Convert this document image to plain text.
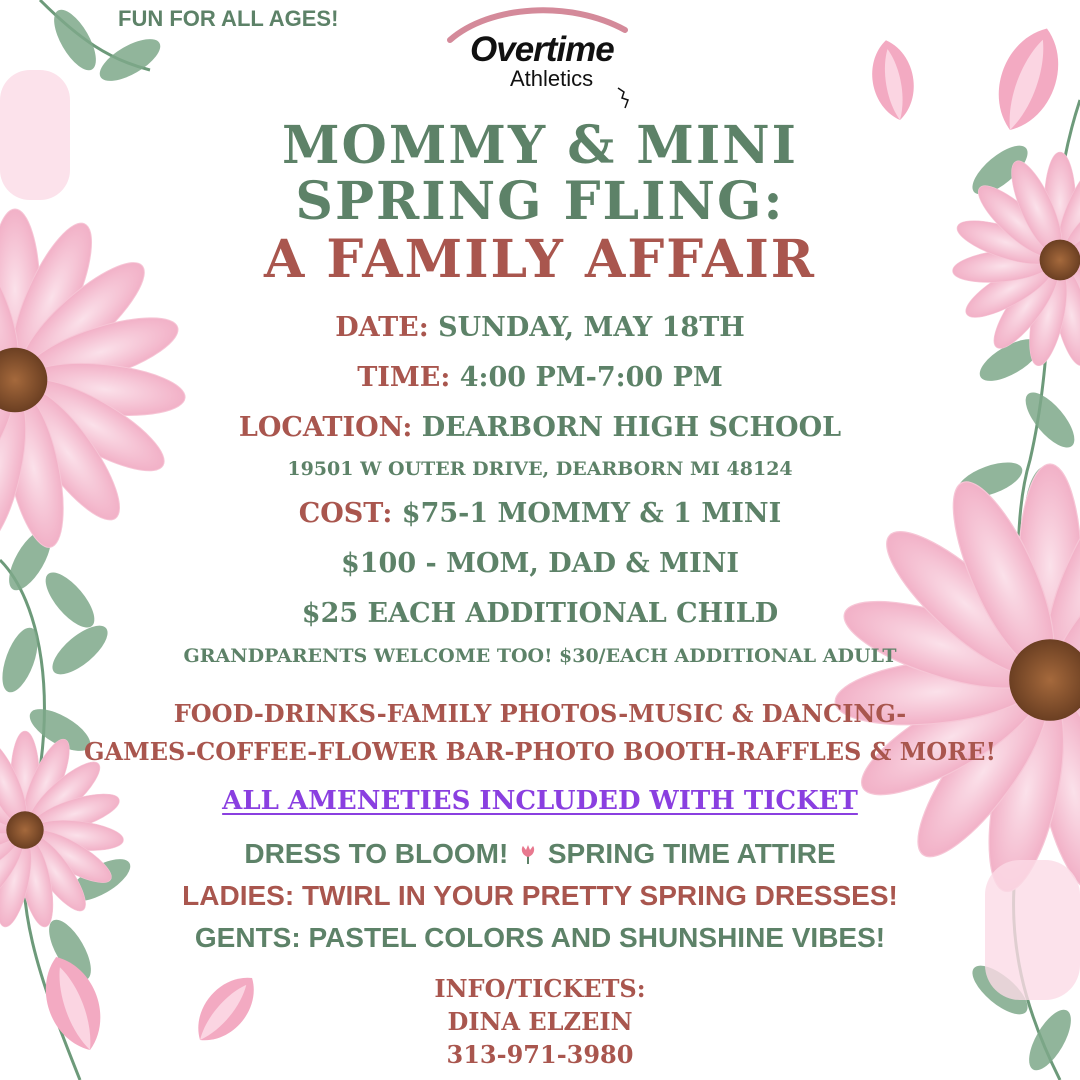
FUN FOR ALL AGES!
Overtime
Athletics
MOMMY & MINI
SPRING FLING:
A FAMILY AFFAIR
DATE: SUNDAY, MAY 18TH
TIME: 4:00 PM-7:00 PM
LOCATION: DEARBORN HIGH SCHOOL
19501 W OUTER DRIVE, DEARBORN MI 48124
COST: $75-1 MOMMY & 1 MINI
$100 - MOM, DAD & MINI
$25 EACH ADDITIONAL CHILD
GRANDPARENTS WELCOME TOO! $30/EACH ADDITIONAL ADULT
FOOD-DRINKS-FAMILY PHOTOS-MUSIC & DANCING-
GAMES-COFFEE-FLOWER BAR-PHOTO BOOTH-RAFFLES & MORE!
ALL AMENETIES INCLUDED WITH TICKET
DRESS TO BLOOM! SPRING TIME ATTIRE
LADIES: TWIRL IN YOUR PRETTY SPRING DRESSES!
GENTS: PASTEL COLORS AND SHUNSHINE VIBES!
INFO/TICKETS:
DINA ELZEIN
313-971-3980
